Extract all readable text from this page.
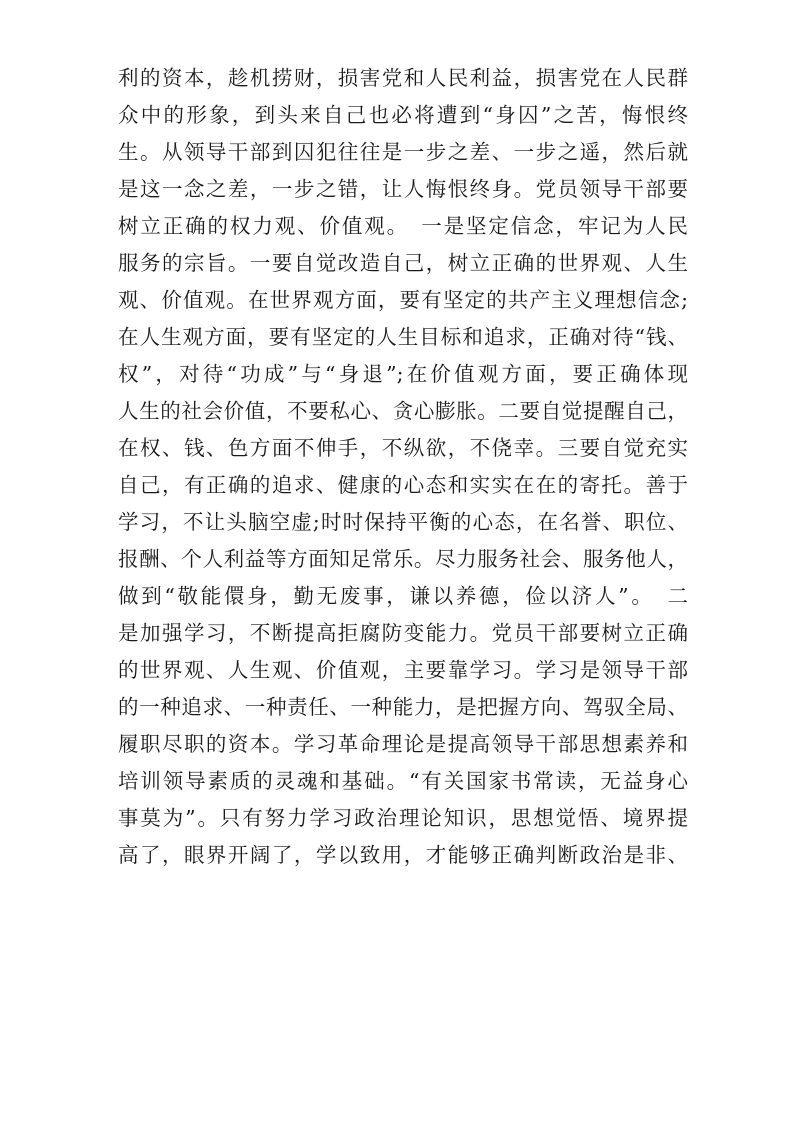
利的资本，趁机捞财，损害党和人民利益，损害党在人民群
众中的形象，到头来自己也必将遭到“身囚”之苦，悔恨终
生。从领导干部到囚犯往往是一步之差、一步之遥，然后就
是这一念之差，一步之错，让人悔恨终身。党员领导干部要
树立正确的权力观、价值观。　一是坚定信念，牢记为人民
服务的宗旨。一要自觉改造自己，树立正确的世界观、人生
观、价值观。在世界观方面，要有坚定的共产主义理想信念;
在人生观方面，要有坚定的人生目标和追求，正确对待“钱、
权”，对待“功成”与“身退”;在价值观方面，要正确体现
人生的社会价值，不要私心、贪心膨胀。二要自觉提醒自己，
在权、钱、色方面不伸手，不纵欲，不侥幸。三要自觉充实
自己，有正确的追求、健康的心态和实实在在的寄托。善于
学习，不让头脑空虚;时时保持平衡的心态，在名誉、职位、
报酬、个人利益等方面知足常乐。尽力服务社会、服务他人，
做到“敬能儇身，勤无废事，谦以养德，俭以济人”。　二
是加强学习，不断提高拒腐防变能力。党员干部要树立正确
的世界观、人生观、价值观，主要靠学习。学习是领导干部
的一种追求、一种责任、一种能力，是把握方向、驾驭全局、
履职尽职的资本。学习革命理论是提高领导干部思想素养和
培训领导素质的灵魂和基础。“有关国家书常读，无益身心
事莫为”。只有努力学习政治理论知识，思想觉悟、境界提
高了，眼界开阔了，学以致用，才能够正确判断政治是非、
